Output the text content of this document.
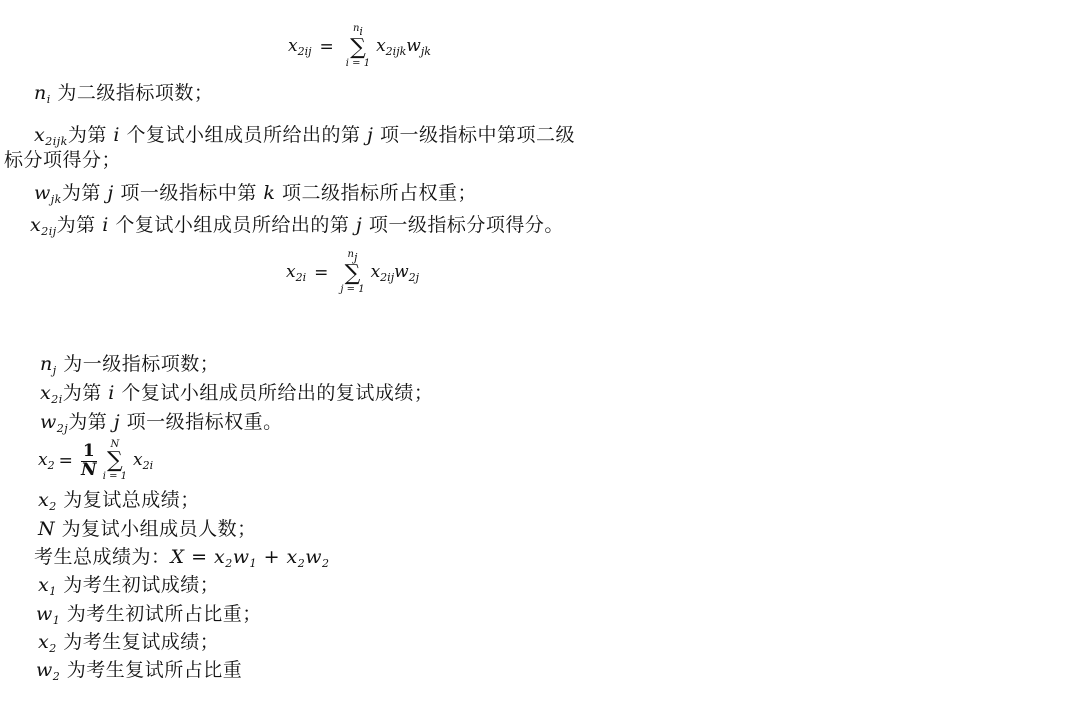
$x_{2ij}$ =
$n_i$
∑
i = 1
$x_{2ijk}w_{jk}$
$n_i$ 为二级指标项数；
$x_{2ijk}$为第 i 个复试小组成员所给出的第 j 项一级指标中第项二级
标分项得分；
$w_{jk}$为第 j 项一级指标中第 k 项二级指标所占权重；
$x_{2ij}$为第 i 个复试小组成员所给出的第 j 项一级指标分项得分。
$x_{2i}$ =
$n_j$
∑
j = 1
$x_{2ij}w_{2j}$
$n_j$ 为一级指标项数；
$x_{2i}$为第 i 个复试小组成员所给出的复试成绩；
$w_{2j}$为第 j 项一级指标权重。
$x_2 = \frac{1}{N}$ N
∑
i = 1
$x_{2i}$
$x_2$ 为复试总成绩；
N 为复试小组成员人数；
考生总成绩为：$X = x_2w_1 + x_2w_2$
$x_1$ 为考生初试成绩；
$w_1$ 为考生初试所占比重；
$x_2$ 为考生复试成绩；
$w_2$ 为考生复试所占比重
